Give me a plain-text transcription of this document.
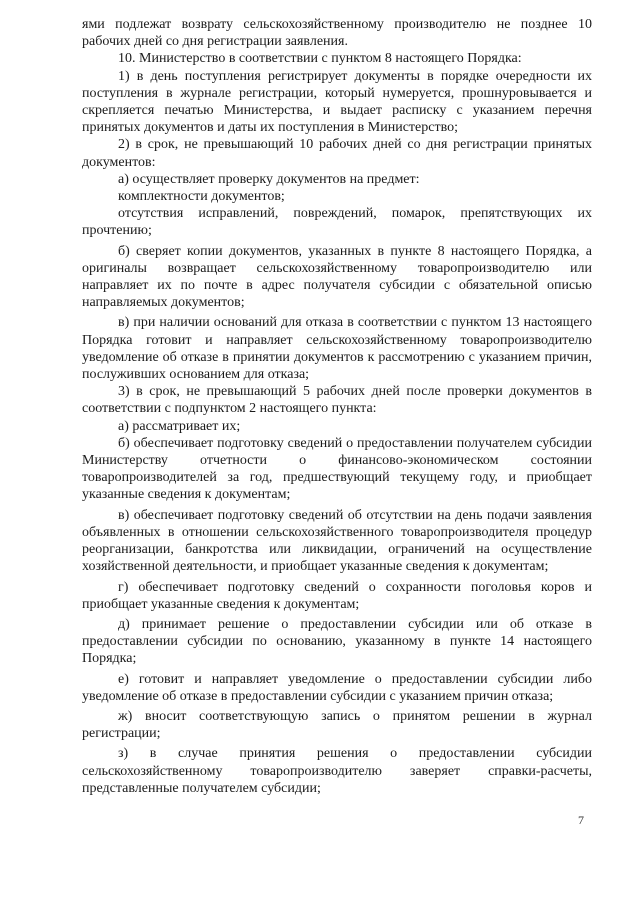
ями подлежат возврату сельскохозяйственному производителю не позднее 10 рабочих дней со дня регистрации заявления.

10. Министерство в соответствии с пунктом 8 настоящего Порядка:

1) в день поступления регистрирует документы в порядке очередности их поступления в журнале регистрации, который нумеруется, прошнуровывается и скрепляется печатью Министерства, и выдает расписку с указанием перечня принятых документов и даты их поступления в Министерство;

2) в срок, не превышающий 10 рабочих дней со дня регистрации принятых документов:

а) осуществляет проверку документов на предмет:

комплектности документов;

отсутствия исправлений, повреждений, помарок, препятствующих их прочтению;

б) сверяет копии документов, указанных в пункте 8 настоящего Порядка, а оригиналы возвращает сельскохозяйственному товаропроизводителю или направляет их по почте в адрес получателя субсидии с обязательной описью направляемых документов;

в) при наличии оснований для отказа в соответствии с пунктом 13 настоящего Порядка готовит и направляет сельскохозяйственному товаропроизводителю уведомление об отказе в принятии документов к рассмотрению с указанием причин, послуживших основанием для отказа;

3) в срок, не превышающий 5 рабочих дней после проверки документов в соответствии с подпунктом 2 настоящего пункта:

а) рассматривает их;

б) обеспечивает подготовку сведений о предоставлении получателем субсидии Министерству отчетности о финансово-экономическом состоянии товаропроизводителей за год, предшествующий текущему году, и приобщает указанные сведения к документам;

в) обеспечивает подготовку сведений об отсутствии на день подачи заявления объявленных в отношении сельскохозяйственного товаропроизводителя процедур реорганизации, банкротства или ликвидации, ограничений на осуществление хозяйственной деятельности, и приобщает указанные сведения к документам;

г) обеспечивает подготовку сведений о сохранности поголовья коров и приобщает указанные сведения к документам;

д) принимает решение о предоставлении субсидии или об отказе в предоставлении субсидии по основанию, указанному в пункте 14 настоящего Порядка;

е) готовит и направляет уведомление о предоставлении субсидии либо уведомление об отказе в предоставлении субсидии с указанием причин отказа;

ж) вносит соответствующую запись о принятом решении в журнал регистрации;

з) в случае принятия решения о предоставлении субсидии сельскохозяйственному товаропроизводителю заверяет справки-расчеты, представленные получателем субсидии;

7
